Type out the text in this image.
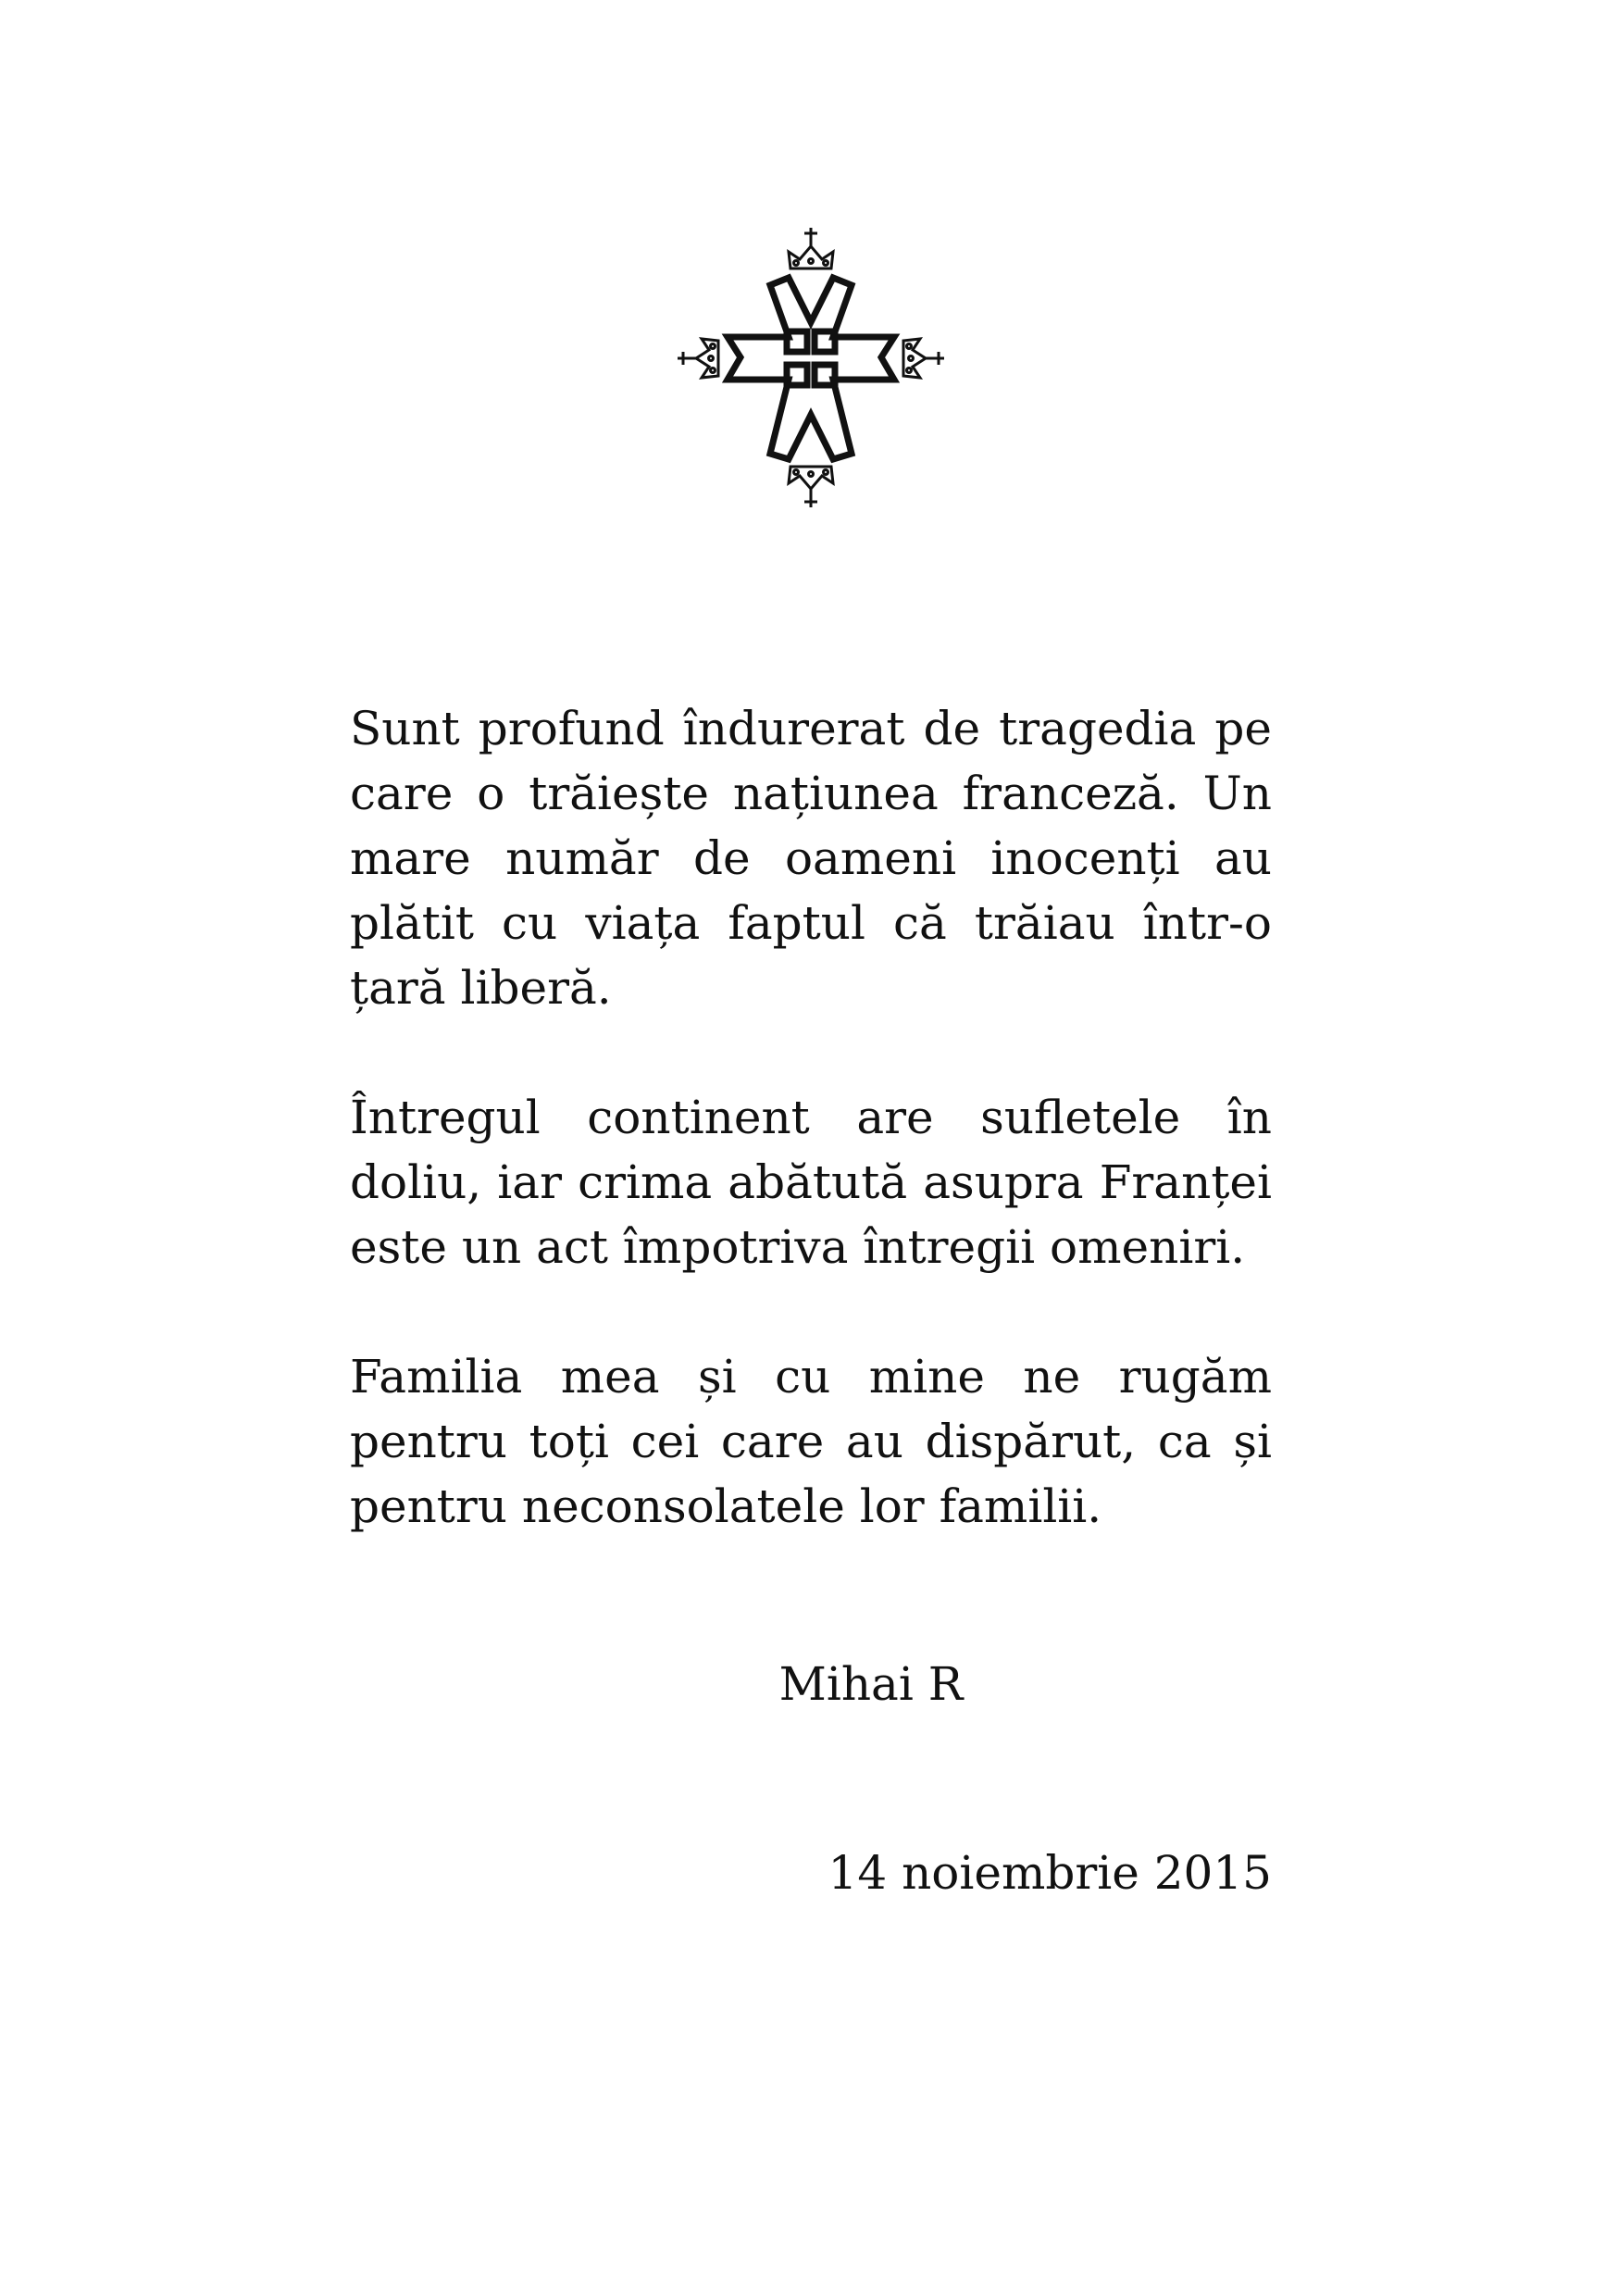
Sunt profund îndurerat de tragedia pe care o trăiește națiunea franceză. Un mare număr de oameni inocenți au plătit cu viața faptul că trăiau într-o țară liberă.
Întregul continent are sufletele în doliu, iar crima abătută asupra Franței este un act împotriva întregii omeniri.
Familia mea și cu mine ne rugăm pentru toți cei care au dispărut, ca și pentru neconsolatele lor familii.
Mihai R
14 noiembrie 2015
